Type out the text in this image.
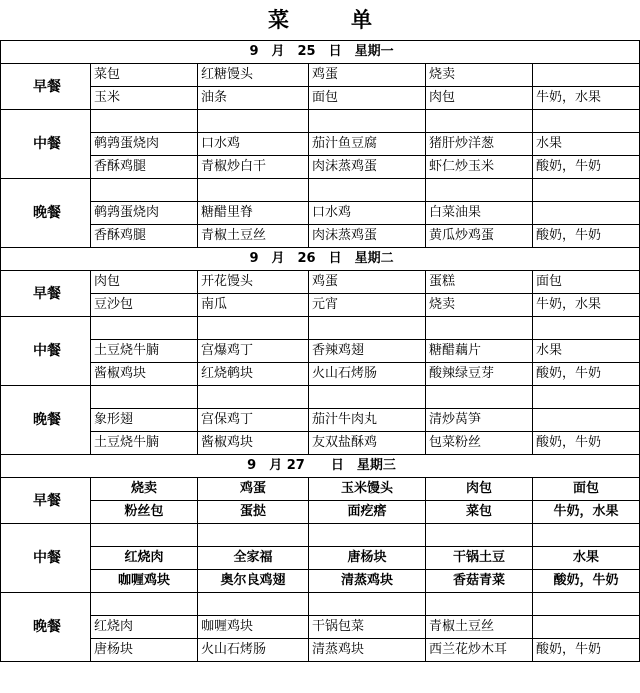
菜	单
9　月　25　日　星期一					
早餐	菜包	红糖馒头	鸡蛋	烧卖	
	玉米	油条	面包	肉包	牛奶，水果
中餐					
	鹌鹑蛋烧肉	口水鸡	茄汁鱼豆腐	猪肝炒洋葱	水果
	香酥鸡腿	青椒炒白干	肉沫蒸鸡蛋	虾仁炒玉米	酸奶，牛奶
晚餐					
	鹌鹑蛋烧肉	糖醋里脊	口水鸡	白菜油果	
	香酥鸡腿	青椒土豆丝	肉沫蒸鸡蛋	黄瓜炒鸡蛋	酸奶，牛奶
9　月　26　日　星期二					
早餐	肉包	开花馒头	鸡蛋	蛋糕	面包
	豆沙包	南瓜	元宵	烧卖	牛奶，水果
中餐					
	土豆烧牛腩	宫爆鸡丁	香辣鸡翅	糖醋藕片	水果
	酱椒鸡块	红烧鹌块	火山石烤肠	酸辣绿豆芽	酸奶，牛奶
晚餐					
	象形翅	宫保鸡丁	茄汁牛肉丸	清炒莴笋	
	土豆烧牛腩	酱椒鸡块	友双盐酥鸡	包菜粉丝	酸奶，牛奶
9　月 27　　日　星期三					
早餐	烧卖	鸡蛋	玉米馒头	肉包	面包
	粉丝包	蛋挞	面疙瘩	菜包	牛奶，水果
中餐					
	红烧肉	全家福	唐杨块	干锅土豆	水果
	咖喱鸡块	奥尔良鸡翅	清蒸鸡块	香菇青菜	酸奶，牛奶
晚餐					
	红烧肉	咖喱鸡块	干锅包菜	青椒土豆丝	
	唐杨块	火山石烤肠	清蒸鸡块	西兰花炒木耳	酸奶，牛奶
